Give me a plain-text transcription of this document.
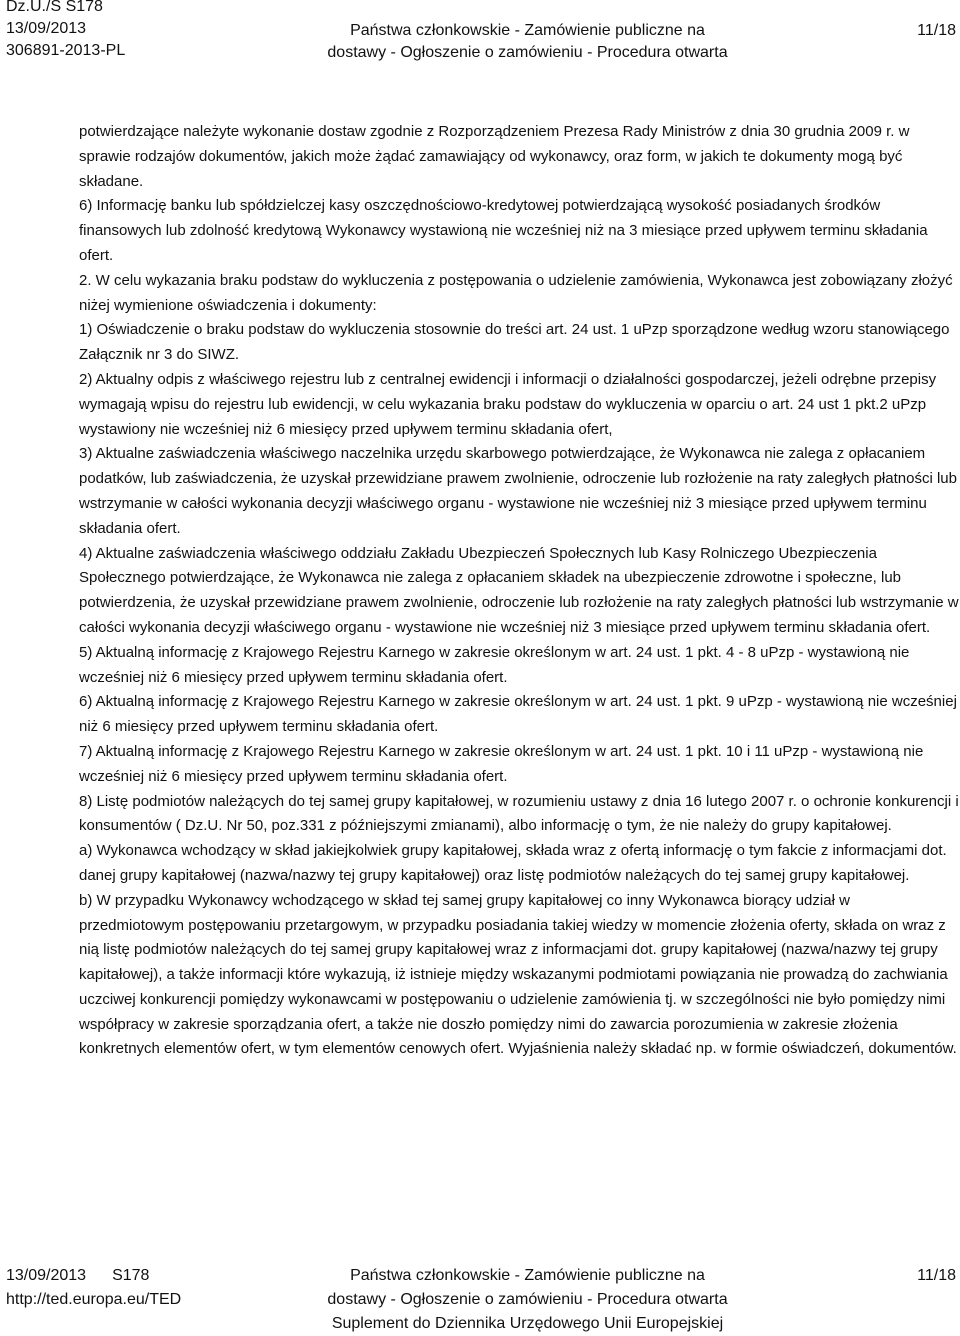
Dz.U./S S178
13/09/2013
306891-2013-PL
Państwa członkowskie - Zamówienie publiczne na
dostawy - Ogłoszenie o zamówieniu - Procedura otwarta
11/18

potwierdzające należyte wykonanie dostaw zgodnie z Rozporządzeniem Prezesa Rady Ministrów z dnia 30 grudnia 2009 r. w sprawie rodzajów dokumentów, jakich może żądać zamawiający od wykonawcy, oraz form, w jakich te dokumenty mogą być składane.

6) Informację banku lub spółdzielczej kasy oszczędnościowo-kredytowej potwierdzającą wysokość posiadanych środków finansowych lub zdolność kredytową Wykonawcy wystawioną nie wcześniej niż na 3 miesiące przed upływem terminu składania ofert.

2. W celu wykazania braku podstaw do wykluczenia z postępowania o udzielenie zamówienia, Wykonawca jest zobowiązany złożyć niżej wymienione oświadczenia i dokumenty:

1) Oświadczenie o braku podstaw do wykluczenia stosownie do treści art. 24 ust. 1 uPzp sporządzone według wzoru stanowiącego Załącznik nr 3 do SIWZ.

2) Aktualny odpis z właściwego rejestru lub z centralnej ewidencji i informacji o działalności gospodarczej, jeżeli odrębne przepisy wymagają wpisu do rejestru lub ewidencji, w celu wykazania braku podstaw do wykluczenia w oparciu o art. 24 ust 1 pkt.2 uPzp wystawiony nie wcześniej niż 6 miesięcy przed upływem terminu składania ofert,

3) Aktualne zaświadczenia właściwego naczelnika urzędu skarbowego potwierdzające, że Wykonawca nie zalega z opłacaniem podatków, lub zaświadczenia, że uzyskał przewidziane prawem zwolnienie, odroczenie lub rozłożenie na raty zaległych płatności lub wstrzymanie w całości wykonania decyzji właściwego organu - wystawione nie wcześniej niż 3 miesiące przed upływem terminu składania ofert.

4) Aktualne zaświadczenia właściwego oddziału Zakładu Ubezpieczeń Społecznych lub Kasy Rolniczego Ubezpieczenia Społecznego potwierdzające, że Wykonawca nie zalega z opłacaniem składek na ubezpieczenie zdrowotne i społeczne, lub potwierdzenia, że uzyskał przewidziane prawem zwolnienie, odroczenie lub rozłożenie na raty zaległych płatności lub wstrzymanie w całości wykonania decyzji właściwego organu - wystawione nie wcześniej niż 3 miesiące przed upływem terminu składania ofert.

5) Aktualną informację z Krajowego Rejestru Karnego w zakresie określonym w art. 24 ust. 1 pkt. 4 - 8 uPzp - wystawioną nie wcześniej niż 6 miesięcy przed upływem terminu składania ofert.

6) Aktualną informację z Krajowego Rejestru Karnego w zakresie określonym w art. 24 ust. 1 pkt. 9 uPzp - wystawioną nie wcześniej niż 6 miesięcy przed upływem terminu składania ofert.

7) Aktualną informację z Krajowego Rejestru Karnego w zakresie określonym w art. 24 ust. 1 pkt. 10 i 11 uPzp - wystawioną nie wcześniej niż 6 miesięcy przed upływem terminu składania ofert.

8) Listę podmiotów należących do tej samej grupy kapitałowej, w rozumieniu ustawy z dnia 16 lutego 2007 r. o ochronie konkurencji i konsumentów ( Dz.U. Nr 50, poz.331 z późniejszymi zmianami), albo informację o tym, że nie należy do grupy kapitałowej.

a) Wykonawca wchodzący w skład jakiejkolwiek grupy kapitałowej, składa wraz z ofertą informację o tym fakcie z informacjami dot. danej grupy kapitałowej (nazwa/nazwy tej grupy kapitałowej) oraz listę podmiotów należących do tej samej grupy kapitałowej.

b) W przypadku Wykonawcy wchodzącego w skład tej samej grupy kapitałowej co inny Wykonawca biorący udział w przedmiotowym postępowaniu przetargowym, w przypadku posiadania takiej wiedzy w momencie złożenia oferty, składa on wraz z nią listę podmiotów należących do tej samej grupy kapitałowej wraz z informacjami dot. grupy kapitałowej (nazwa/nazwy tej grupy kapitałowej), a także informacji które wykazują, iż istnieje między wskazanymi podmiotami powiązania nie prowadzą do zachwiania uczciwej konkurencji pomiędzy wykonawcami w postępowaniu o udzielenie zamówienia tj. w szczególności nie było pomiędzy nimi współpracy w zakresie sporządzania ofert, a także nie doszło pomiędzy nimi do zawarcia porozumienia w zakresie złożenia konkretnych elementów ofert, w tym elementów cenowych ofert. Wyjaśnienia należy składać np. w formie oświadczeń, dokumentów.

13/09/2013 S178
http://ted.europa.eu/TED
Państwa członkowskie - Zamówienie publiczne na
dostawy - Ogłoszenie o zamówieniu - Procedura otwarta
Suplement do Dziennika Urzędowego Unii Europejskiej
11/18
